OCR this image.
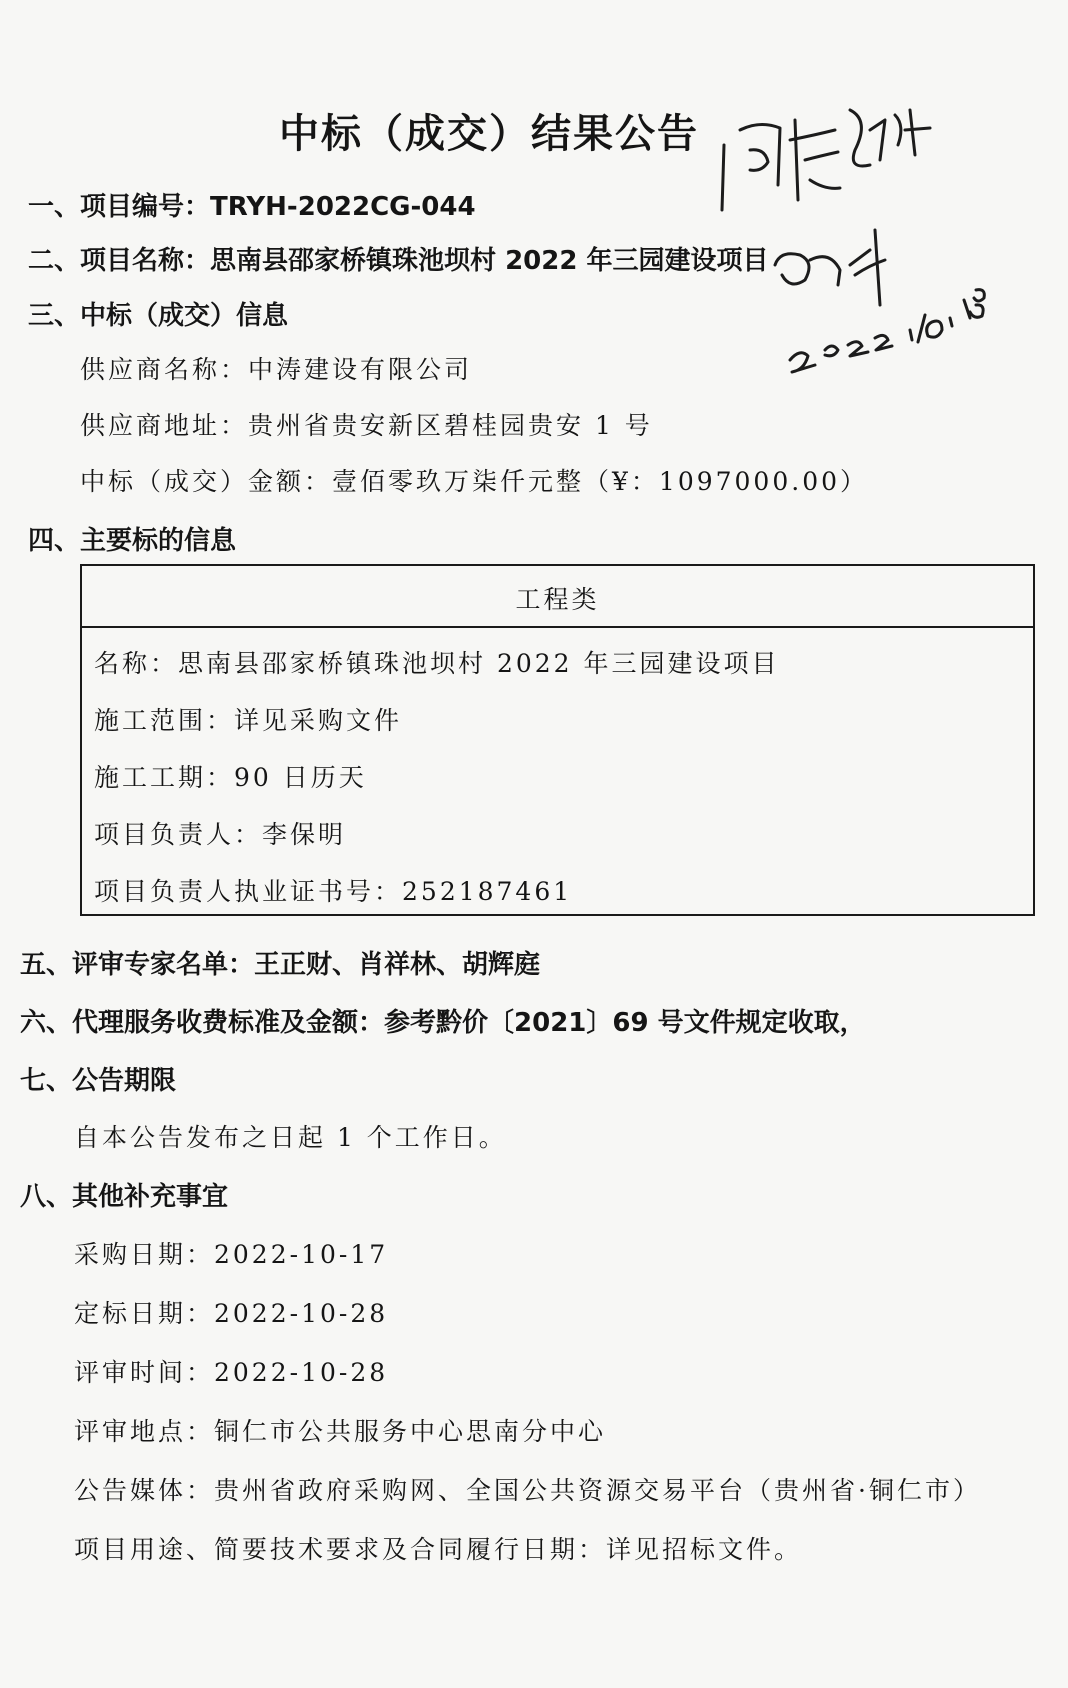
中标（成交）结果公告
一、项目编号：TRYH-2022CG-044
二、项目名称：思南县邵家桥镇珠池坝村 2022 年三园建设项目
三、中标（成交）信息
供应商名称：中涛建设有限公司
供应商地址：贵州省贵安新区碧桂园贵安 1 号
中标（成交）金额：壹佰零玖万柒仟元整（¥：1097000.00）
四、主要标的信息
工程类
名称：思南县邵家桥镇珠池坝村 2022 年三园建设项目
施工范围：详见采购文件
施工工期：90 日历天
项目负责人：李保明
项目负责人执业证书号：252187461
五、评审专家名单：王正财、肖祥林、胡辉庭
六、代理服务收费标准及金额：参考黔价〔2021〕69 号文件规定收取，
七、公告期限
自本公告发布之日起 1 个工作日。
八、其他补充事宜
采购日期：2022-10-17
定标日期：2022-10-28
评审时间：2022-10-28
评审地点：铜仁市公共服务中心思南分中心
公告媒体：贵州省政府采购网、全国公共资源交易平台（贵州省·铜仁市）
项目用途、简要技术要求及合同履行日期：详见招标文件。
